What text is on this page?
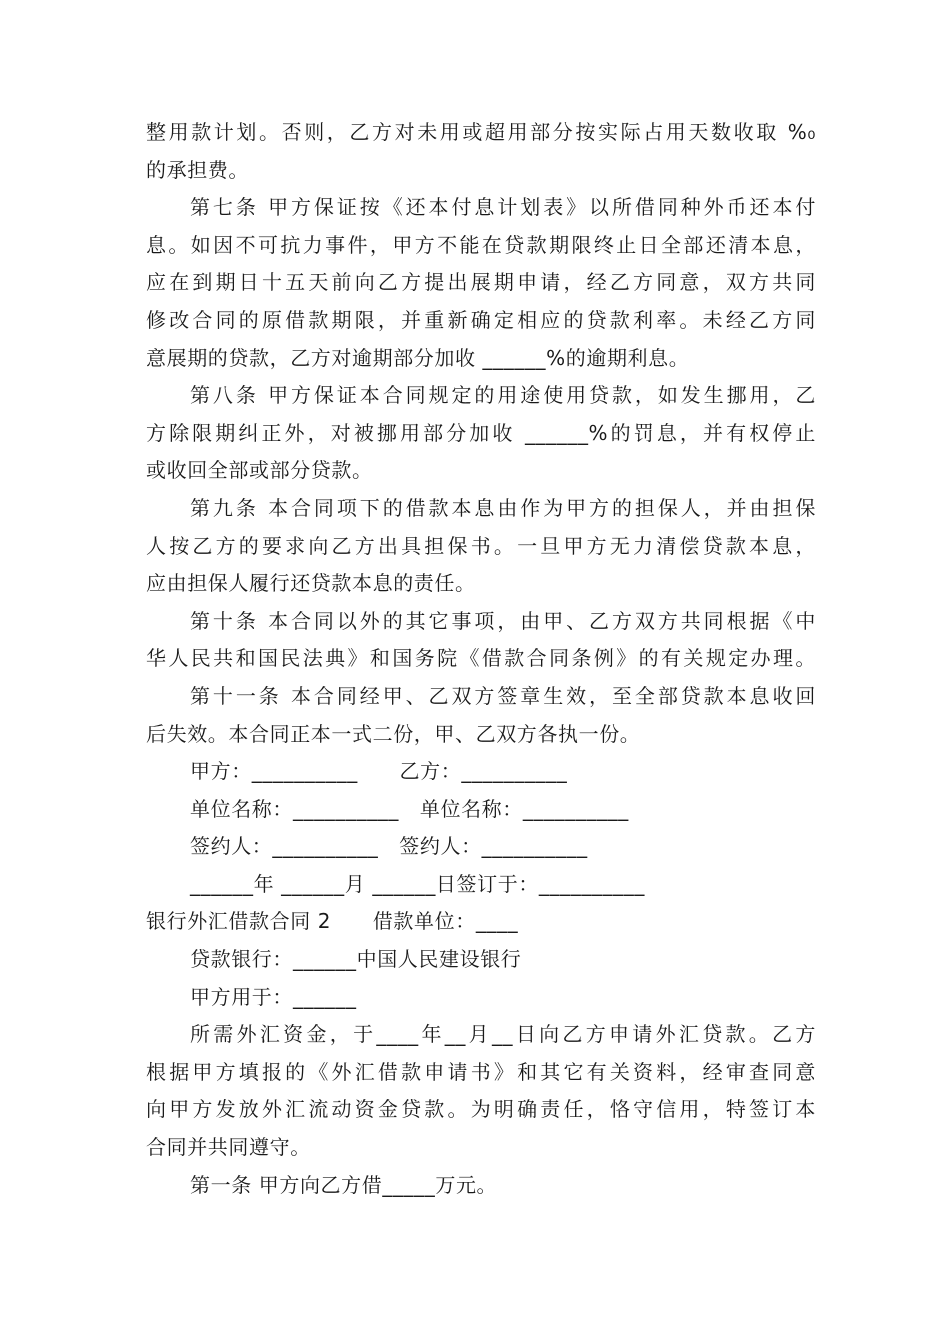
整用款计划。否则，乙方对未用或超用部分按实际占用天数收取 %₀
的承担费。
第七条 甲方保证按《还本付息计划表》以所借同种外币还本付
息。如因不可抗力事件，甲方不能在贷款期限终止日全部还清本息，
应在到期日十五天前向乙方提出展期申请，经乙方同意，双方共同
修改合同的原借款期限，并重新确定相应的贷款利率。未经乙方同
意展期的贷款，乙方对逾期部分加收 ______%的逾期利息。
第八条 甲方保证本合同规定的用途使用贷款，如发生挪用，乙
方除限期纠正外，对被挪用部分加收 ______%的罚息，并有权停止
或收回全部或部分贷款。
第九条 本合同项下的借款本息由作为甲方的担保人，并由担保
人按乙方的要求向乙方出具担保书。一旦甲方无力清偿贷款本息，
应由担保人履行还贷款本息的责任。
第十条 本合同以外的其它事项，由甲、乙方双方共同根据《中
华人民共和国民法典》和国务院《借款合同条例》的有关规定办理。
第十一条 本合同经甲、乙双方签章生效，至全部贷款本息收回
后失效。本合同正本一式二份，甲、乙双方各执一份。
甲方：__________      乙方：__________
单位名称：__________   单位名称：__________
签约人：__________   签约人：__________
______年 ______月 ______日签订于：__________
银行外汇借款合同 2      借款单位：____
贷款银行：______中国人民建设银行
甲方用于：______
所需外汇资金，于____年__月__日向乙方申请外汇贷款。乙方
根据甲方填报的《外汇借款申请书》和其它有关资料，经审查同意
向甲方发放外汇流动资金贷款。为明确责任，恪守信用，特签订本
合同并共同遵守。
第一条 甲方向乙方借_____万元。
